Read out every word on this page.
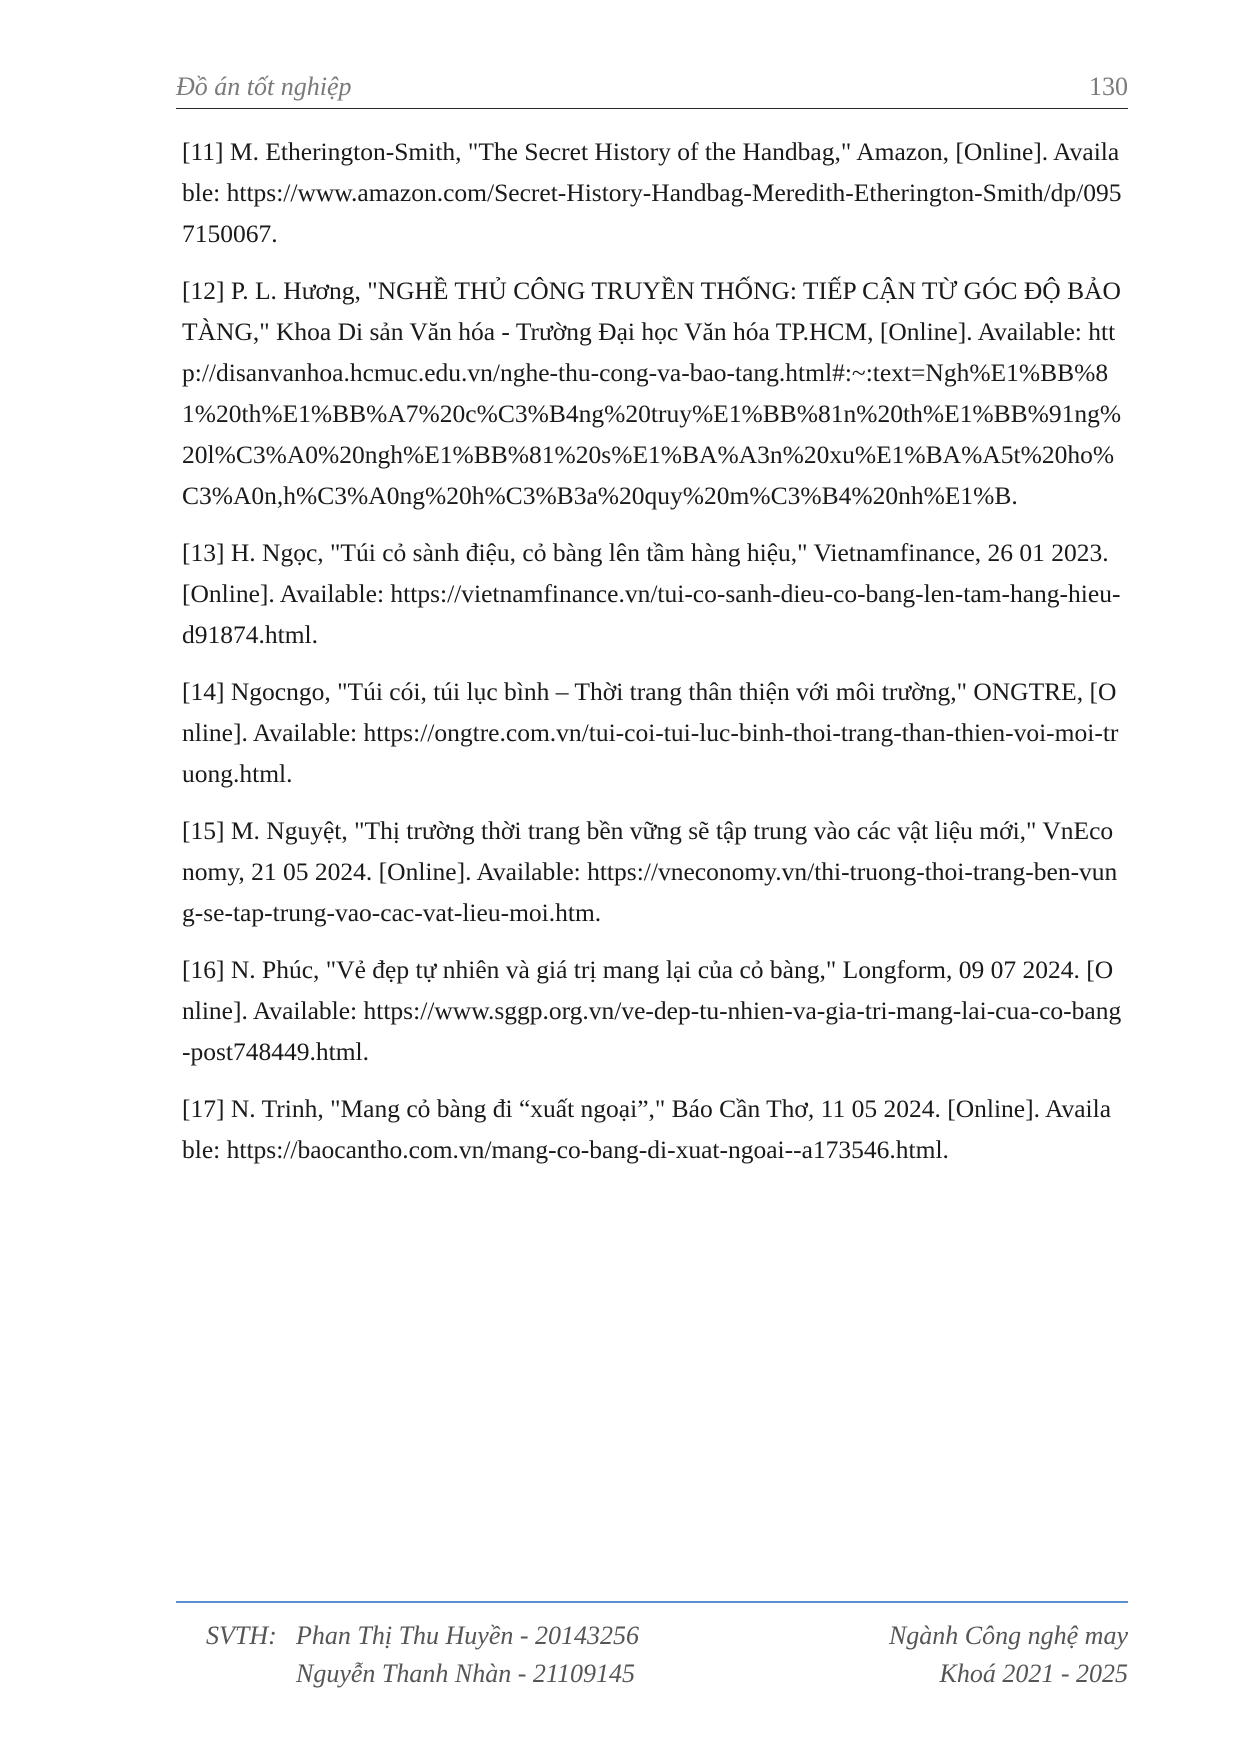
Đồ án tốt nghiệp	130

[11] M. Etherington-Smith, "The Secret History of the Handbag," Amazon, [Online]. Available: https://www.amazon.com/Secret-History-Handbag-Meredith-Etherington-Smith/dp/0957150067.

[12] P. L. Hương, "NGHỀ THỦ CÔNG TRUYỀN THỐNG: TIẾP CẬN TỪ GÓC ĐỘ BẢO TÀNG," Khoa Di sản Văn hóa - Trường Đại học Văn hóa TP.HCM, [Online]. Available: http://disanvanhoa.hcmuc.edu.vn/nghe-thu-cong-va-bao-tang.html#:~:text=Ngh%E1%BB%81%20th%E1%BB%A7%20c%C3%B4ng%20truy%E1%BB%81n%20th%E1%BB%91ng%20l%C3%A0%20ngh%E1%BB%81%20s%E1%BA%A3n%20xu%E1%BA%A5t%20ho%C3%A0n,h%C3%A0ng%20h%C3%B3a%20quy%20m%C3%B4%20nh%E1%B.

[13] H. Ngọc, "Túi cỏ sành điệu, cỏ bàng lên tầm hàng hiệu," Vietnamfinance, 26 01 2023. [Online]. Available: https://vietnamfinance.vn/tui-co-sanh-dieu-co-bang-len-tam-hang-hieu-d91874.html.

[14] Ngocngo, "Túi cói, túi lục bình – Thời trang thân thiện với môi trường," ONGTRE, [Online]. Available: https://ongtre.com.vn/tui-coi-tui-luc-binh-thoi-trang-than-thien-voi-moi-truong.html.

[15] M. Nguyệt, "Thị trường thời trang bền vững sẽ tập trung vào các vật liệu mới," VnEconomy, 21 05 2024. [Online]. Available: https://vneconomy.vn/thi-truong-thoi-trang-ben-vung-se-tap-trung-vao-cac-vat-lieu-moi.htm.

[16] N. Phúc, "Vẻ đẹp tự nhiên và giá trị mang lại của cỏ bàng," Longform, 09 07 2024. [Online]. Available: https://www.sggp.org.vn/ve-dep-tu-nhien-va-gia-tri-mang-lai-cua-co-bang-post748449.html.

[17] N. Trinh, "Mang cỏ bàng đi “xuất ngoại”," Báo Cần Thơ, 11 05 2024. [Online]. Available: https://baocantho.com.vn/mang-co-bang-di-xuat-ngoai--a173546.html.

SVTH: Phan Thị Thu Huyền - 20143256
Nguyễn Thanh Nhàn - 21109145
Ngành Công nghệ may
Khoá 2021 - 2025
